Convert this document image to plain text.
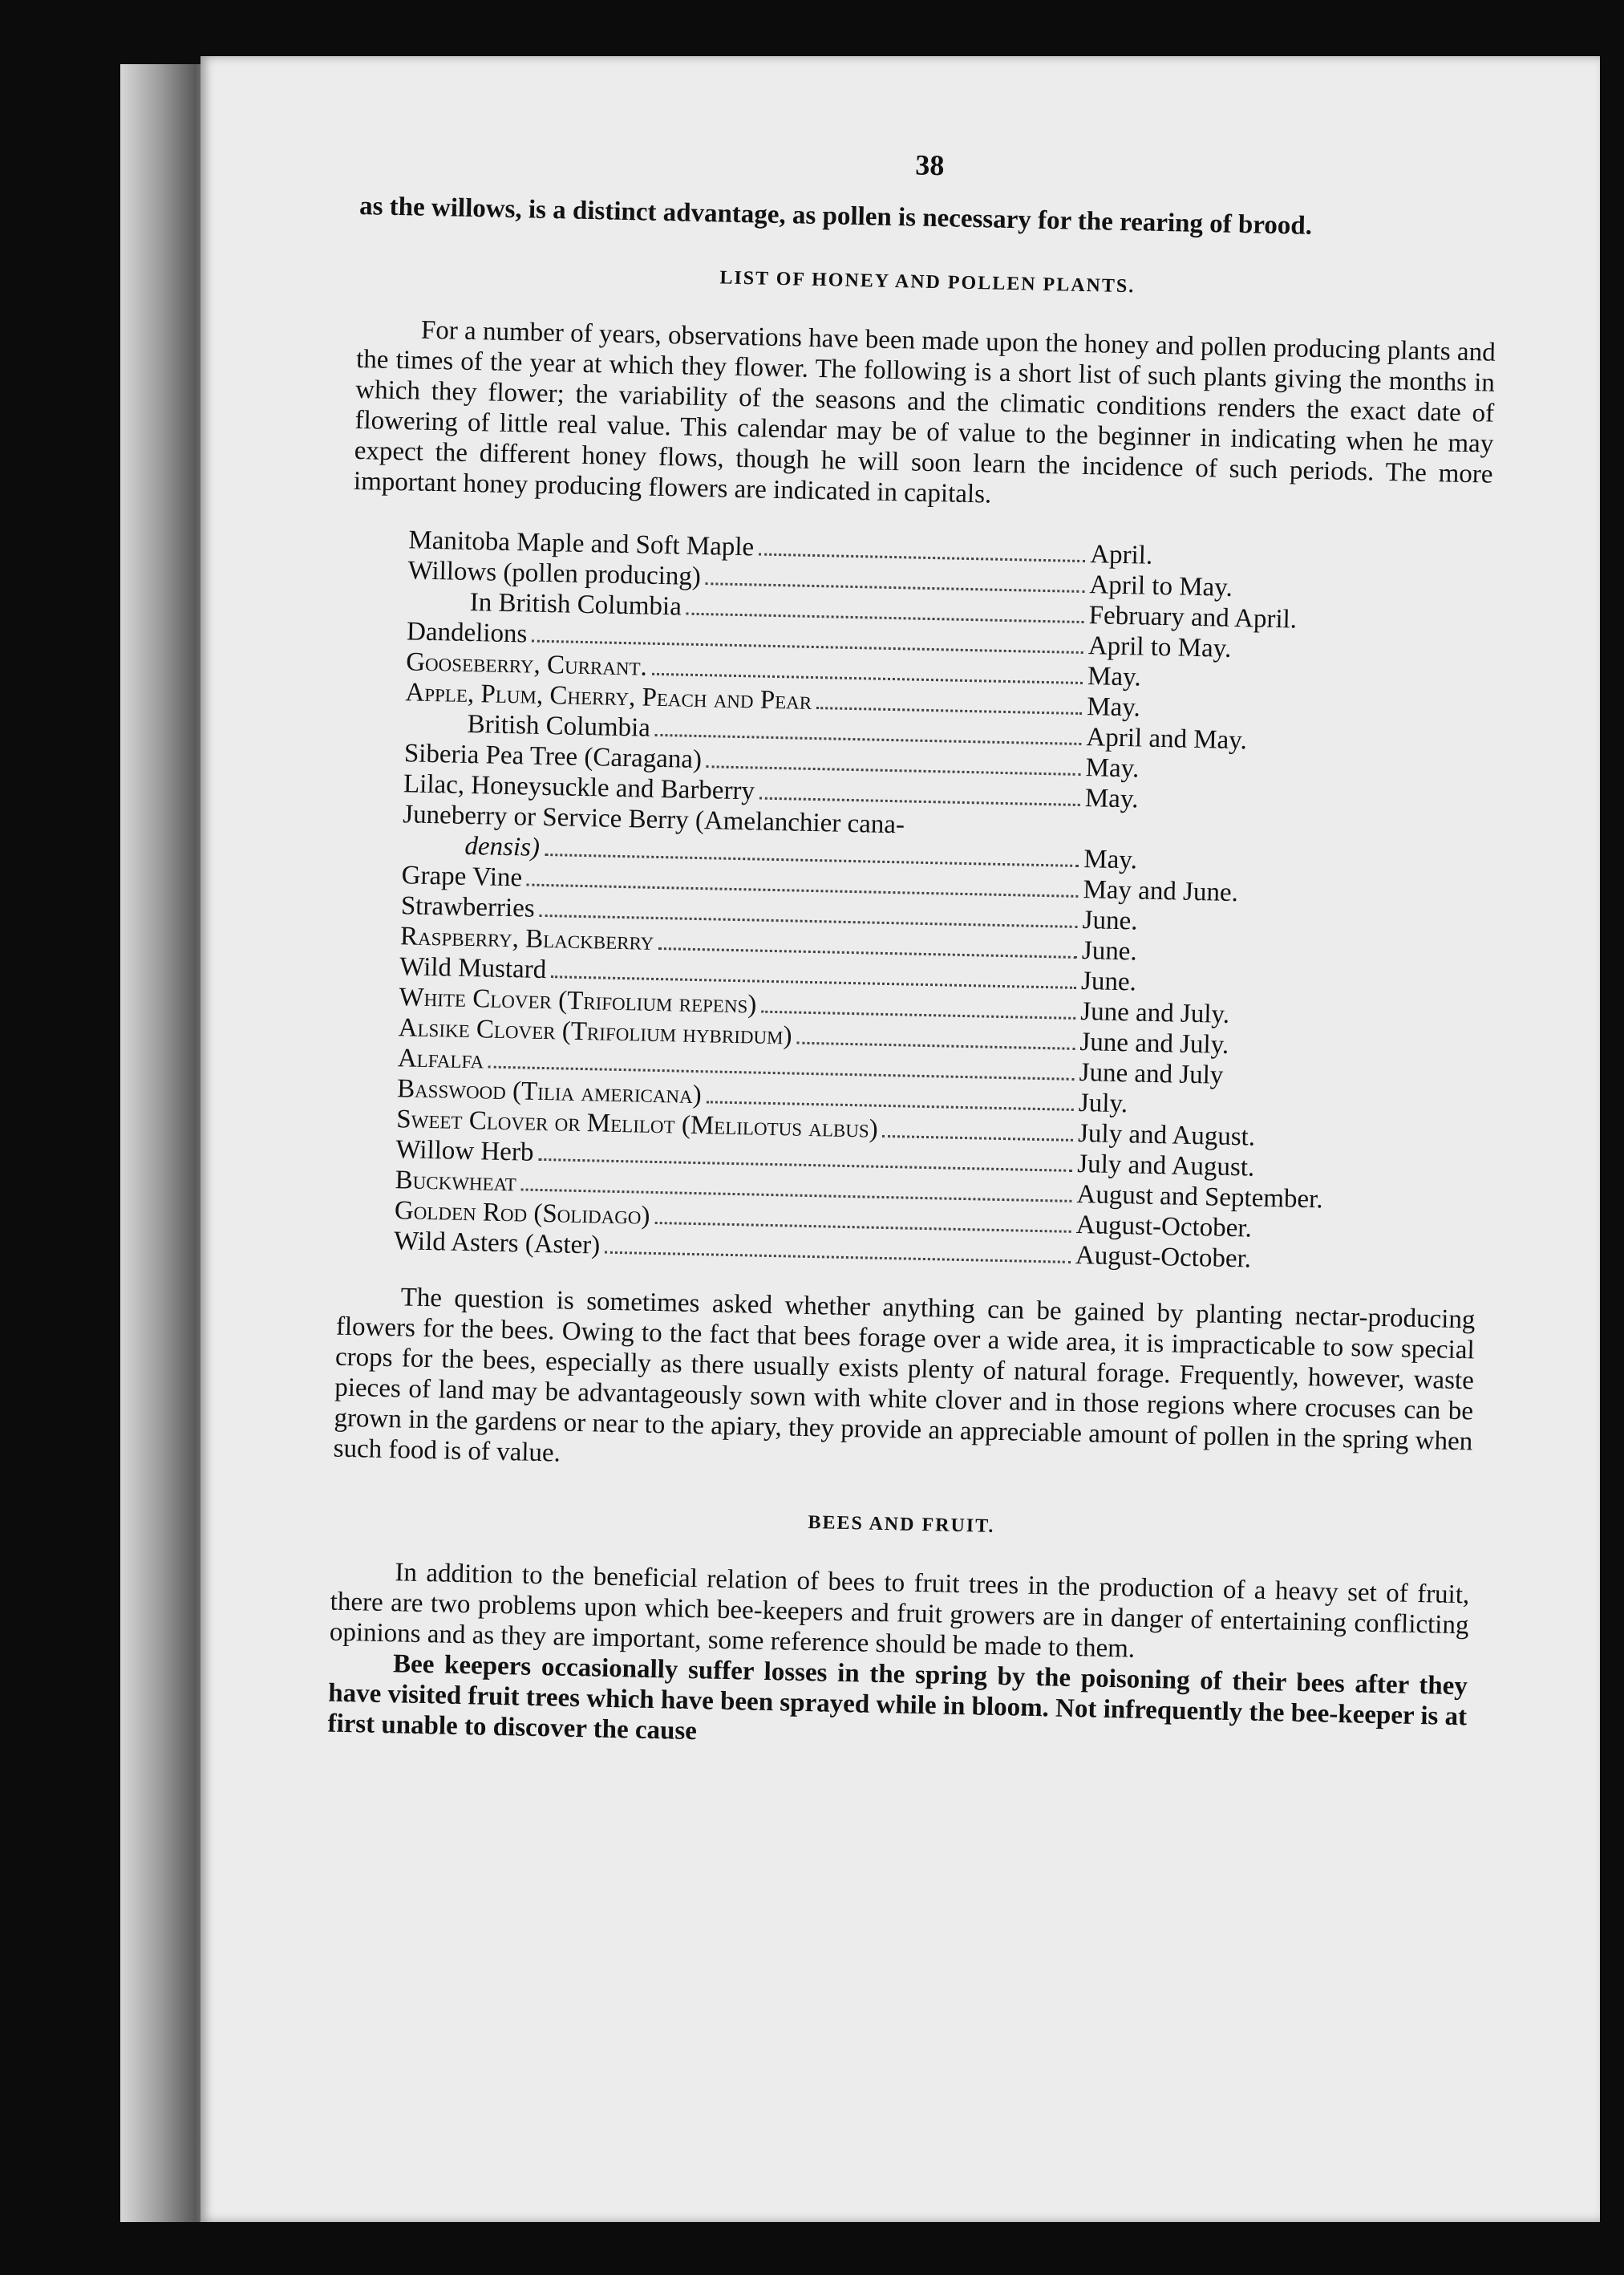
38

as the willows, is a distinct advantage, as pollen is necessary for the rearing of brood.

LIST OF HONEY AND POLLEN PLANTS.

For a number of years, observations have been made upon the honey and pollen producing plants and the times of the year at which they flower. The following is a short list of such plants giving the months in which they flower; the variability of the seasons and the climatic conditions renders the exact date of flowering of little real value. This calendar may be of value to the beginner in indicating when he may expect the different honey flows, though he will soon learn the incidence of such periods. The more important honey producing flowers are indicated in capitals.

Manitoba Maple and Soft Maple	April.
Willows (pollen producing)	April to May.
In British Columbia	February and April.
Dandelions	April to May.
Gooseberry, Currant.	May.
Apple, Plum, Cherry, Peach and Pear	May.
British Columbia	April and May.
Siberia Pea Tree (Caragana)	May.
Lilac, Honeysuckle and Barberry	May.
Juneberry or Service Berry (Amelanchier cana-
densis)	May.
Grape Vine	May and June.
Strawberries	June.
Raspberry, Blackberry	June.
Wild Mustard	June.
White Clover (Trifolium repens)	June and July.
Alsike Clover (Trifolium hybridum)	June and July.
Alfalfa	June and July
Basswood (Tilia americana)	July.
Sweet Clover or Melilot (Melilotus albus)	July and August.
Willow Herb	July and August.
Buckwheat	August and September.
Golden Rod (Solidago)	August-October.
Wild Asters (Aster)	August-October.

The question is sometimes asked whether anything can be gained by planting nectar-producing flowers for the bees. Owing to the fact that bees forage over a wide area, it is impracticable to sow special crops for the bees, especially as there usually exists plenty of natural forage. Frequently, however, waste pieces of land may be advantageously sown with white clover and in those regions where crocuses can be grown in the gardens or near to the apiary, they provide an appreciable amount of pollen in the spring when such food is of value.

BEES AND FRUIT.

In addition to the beneficial relation of bees to fruit trees in the production of a heavy set of fruit, there are two problems upon which bee-keepers and fruit growers are in danger of entertaining conflicting opinions and as they are important, some reference should be made to them.

Bee keepers occasionally suffer losses in the spring by the poisoning of their bees after they have visited fruit trees which have been sprayed while in bloom. Not infrequently the bee-keeper is at first unable to discover the cause
